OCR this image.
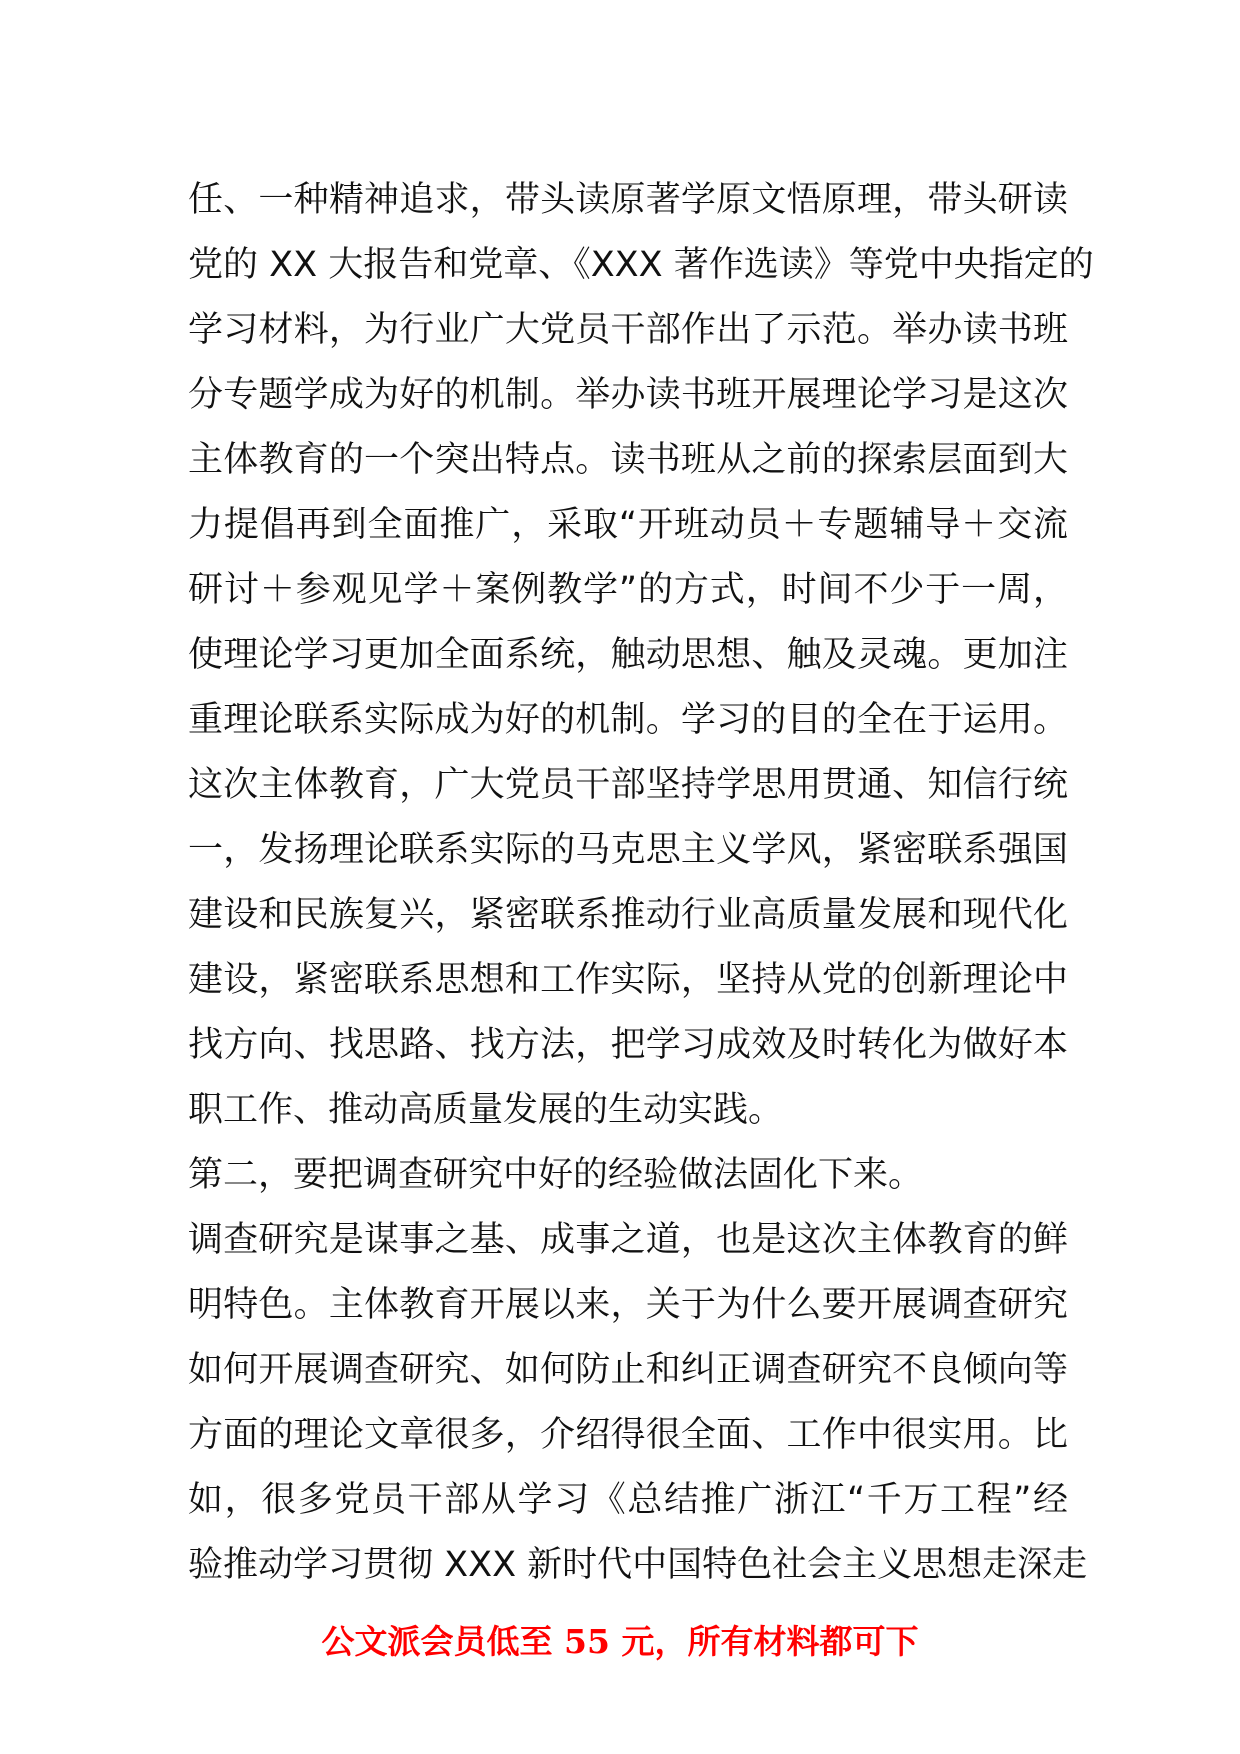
任、一种精神追求，带头读原著学原文悟原理，带头研读
党的 XX 大报告和党章、《XXX 著作选读》等党中央指定的
学习材料，为行业广大党员干部作出了示范。举办读书班
分专题学成为好的机制。举办读书班开展理论学习是这次
主体教育的一个突出特点。读书班从之前的探索层面到大
力提倡再到全面推广，采取“开班动员＋专题辅导＋交流
研讨＋参观见学＋案例教学”的方式，时间不少于一周，
使理论学习更加全面系统，触动思想、触及灵魂。更加注
重理论联系实际成为好的机制。学习的目的全在于运用。
这次主体教育，广大党员干部坚持学思用贯通、知信行统
一，发扬理论联系实际的马克思主义学风，紧密联系强国
建设和民族复兴，紧密联系推动行业高质量发展和现代化
建设，紧密联系思想和工作实际，坚持从党的创新理论中
找方向、找思路、找方法，把学习成效及时转化为做好本
职工作、推动高质量发展的生动实践。
第二，要把调查研究中好的经验做法固化下来。
调查研究是谋事之基、成事之道，也是这次主体教育的鲜
明特色。主体教育开展以来，关于为什么要开展调查研究
如何开展调查研究、如何防止和纠正调查研究不良倾向等
方面的理论文章很多，介绍得很全面、工作中很实用。比
如，很多党员干部从学习《总结推广浙江“千万工程”经
验推动学习贯彻 XXX 新时代中国特色社会主义思想走深走
公文派会员低至 55 元，所有材料都可下
